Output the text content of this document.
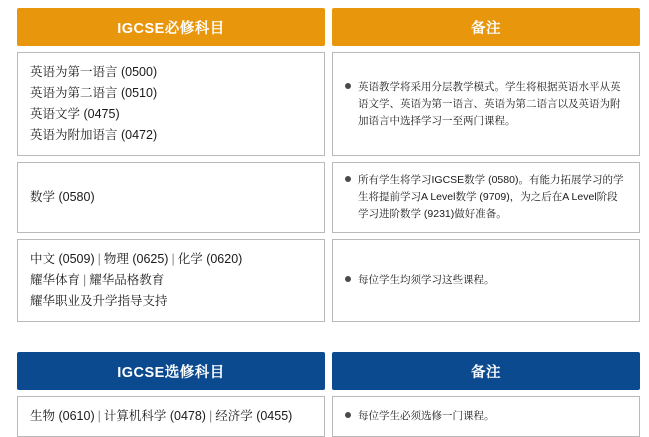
IGCSE必修科目	备注

英语为第一语言 (0500)
英语为第二语言 (0510)
英语文学 (0475)
英语为附加语言 (0472)	英语教学将采用分层教学模式。学生将根据英语水平从英语文学、英语为第一语言、英语为第二语言以及英语为附加语言中选择学习一至两门课程。

数学 (0580)	所有学生将学习IGCSE数学 (0580)。有能力拓展学习的学生将提前学习A Level数学 (9709)，为之后在A Level阶段学习进阶数学 (9231)做好准备。

中文 (0509) | 物理 (0625) | 化学 (0620)
耀华体育 | 耀华品格教育
耀华职业及升学指导支持	每位学生均须学习这些课程。
IGCSE选修科目	备注

生物 (0610) | 计算机科学 (0478) | 经济学 (0455)	每位学生必须选修一门课程。
